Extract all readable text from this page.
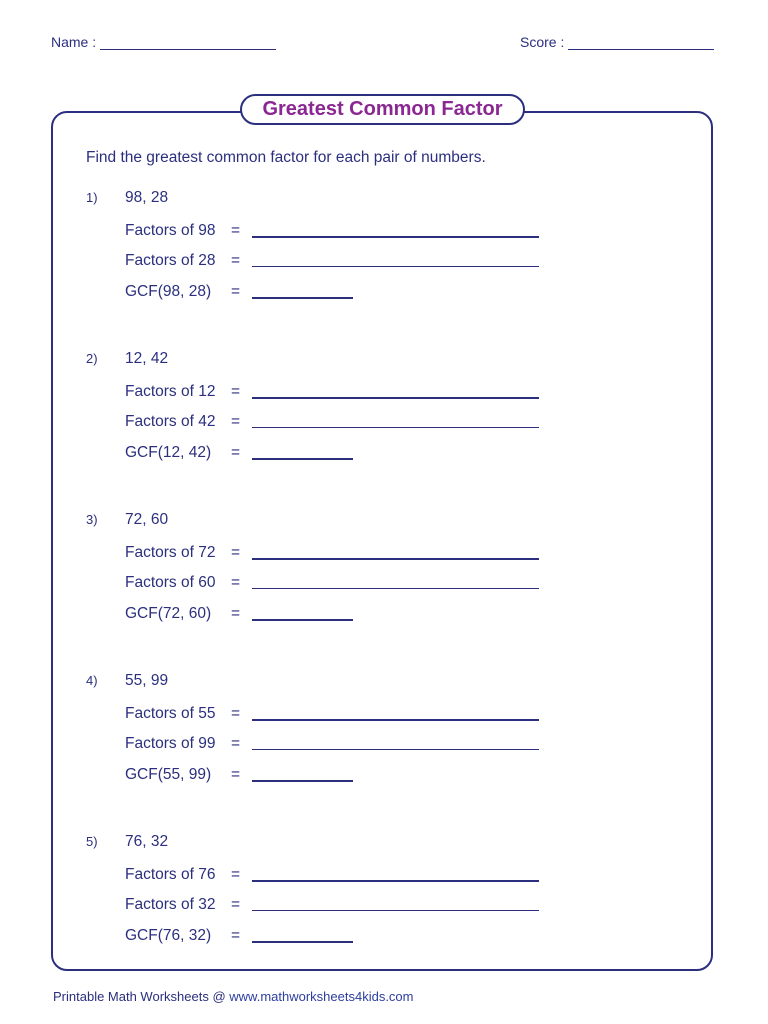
Name :	Score :
Greatest Common Factor
Find the greatest common factor for each pair of numbers.
1) 98, 28
Factors of 98 =
Factors of 28 =
GCF(98, 28) =
2) 12, 42
Factors of 12 =
Factors of 42 =
GCF(12, 42) =
3) 72, 60
Factors of 72 =
Factors of 60 =
GCF(72, 60) =
4) 55, 99
Factors of 55 =
Factors of 99 =
GCF(55, 99) =
5) 76, 32
Factors of 76 =
Factors of 32 =
GCF(76, 32) =
Printable Math Worksheets @ www.mathworksheets4kids.com
